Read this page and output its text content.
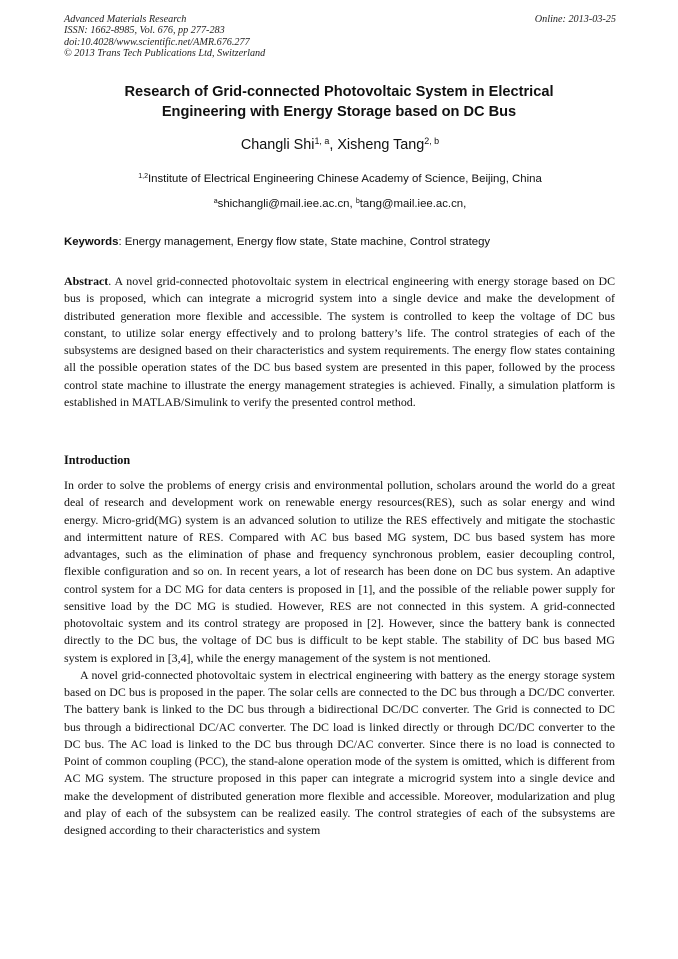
Advanced Materials Research
ISSN: 1662-8985, Vol. 676, pp 277-283
doi:10.4028/www.scientific.net/AMR.676.277
© 2013 Trans Tech Publications Ltd, Switzerland
Online: 2013-03-25
Research of Grid-connected Photovoltaic System in Electrical
Engineering with Energy Storage based on DC Bus
Changli Shi$^{1, a}$, Xisheng Tang$^{2, b}$
$^{1,2}$Institute of Electrical Engineering Chinese Academy of Science, Beijing, China
$^a$shichangli@mail.iee.ac.cn, $^b$tang@mail.iee.ac.cn,
Keywords: Energy management, Energy flow state, State machine, Control strategy
Abstract. A novel grid-connected photovoltaic system in electrical engineering with energy storage based on DC bus is proposed, which can integrate a microgrid system into a single device and make the development of distributed generation more flexible and accessible. The system is controlled to keep the voltage of DC bus constant, to utilize solar energy effectively and to prolong battery’s life. The control strategies of each of the subsystems are designed based on their characteristics and system requirements. The energy flow states containing all the possible operation states of the DC bus based system are presented in this paper, followed by the process control state machine to illustrate the energy management strategies is achieved. Finally, a simulation platform is established in MATLAB/Simulink to verify the presented control method.
Introduction

In order to solve the problems of energy crisis and environmental pollution, scholars around the world do a great deal of research and development work on renewable energy resources(RES), such as solar energy and wind energy. Micro-grid(MG) system is an advanced solution to utilize the RES effectively and mitigate the stochastic and intermittent nature of RES. Compared with AC bus based MG system, DC bus based system has more advantages, such as the elimination of phase and frequency synchronous problem, easier decoupling control, flexible configuration and so on. In recent years, a lot of research has been done on DC bus system. An adaptive control system for a DC MG for data centers is proposed in [1], and the possible of the reliable power supply for sensitive load by the DC MG is studied. However, RES are not connected in this system. A grid-connected photovoltaic system and its control strategy are proposed in [2]. However, since the battery bank is connected directly to the DC bus, the voltage of DC bus is difficult to be kept stable. The stability of DC bus based MG system is explored in [3,4], while the energy management of the system is not mentioned.

A novel grid-connected photovoltaic system in electrical engineering with battery as the energy storage system based on DC bus is proposed in the paper. The solar cells are connected to the DC bus through a DC/DC converter. The battery bank is linked to the DC bus through a bidirectional DC/DC converter. The Grid is connected to DC bus through a bidirectional DC/AC converter. The DC load is linked directly or through DC/DC converter to the DC bus. The AC load is linked to the DC bus through DC/AC converter. Since there is no load is connected to Point of common coupling (PCC), the stand-alone operation mode of the system is omitted, which is different from AC MG system. The structure proposed in this paper can integrate a microgrid system into a single device and make the development of distributed generation more flexible and accessible. Moreover, modularization and plug and play of each of the subsystem can be realized easily. The control strategies of each of the subsystems are designed according to their characteristics and system
